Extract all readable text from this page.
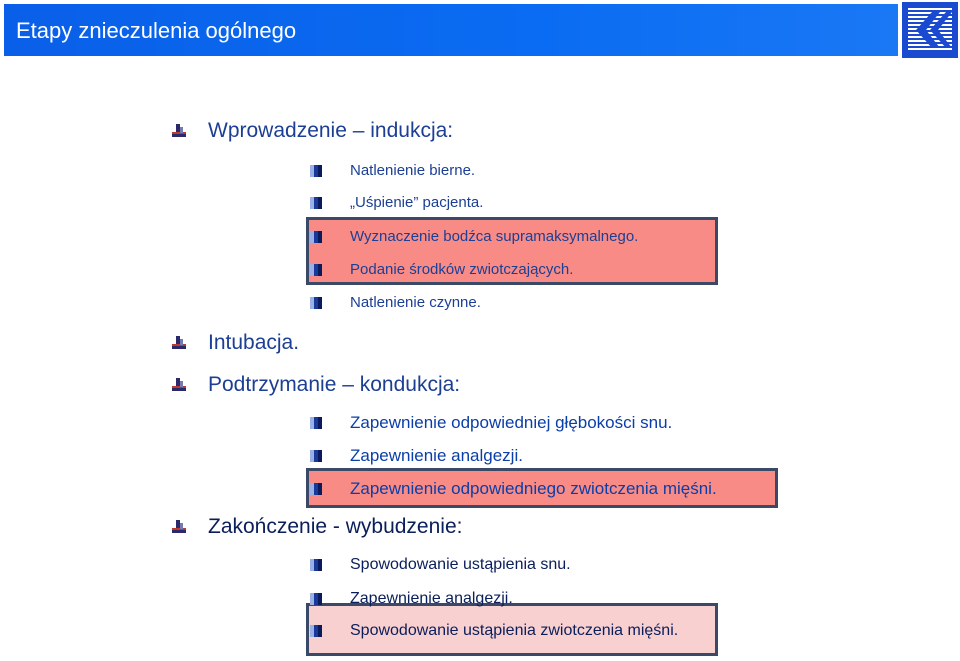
Etapy znieczulenia ogólnego
Wprowadzenie – indukcja:
Natlenienie bierne.
„Uśpienie” pacjenta.
Wyznaczenie bodźca supramaksymalnego.
Podanie środków zwiotczających.
Natlenienie czynne.
Intubacja.
Podtrzymanie – kondukcja:
Zapewnienie odpowiedniej głębokości snu.
Zapewnienie analgezji.
Zapewnienie odpowiedniego zwiotczenia mięśni.
Zakończenie - wybudzenie:
Spowodowanie ustąpienia snu.
Zapewnienie analgezji.
Spowodowanie ustąpienia zwiotczenia mięśni.
